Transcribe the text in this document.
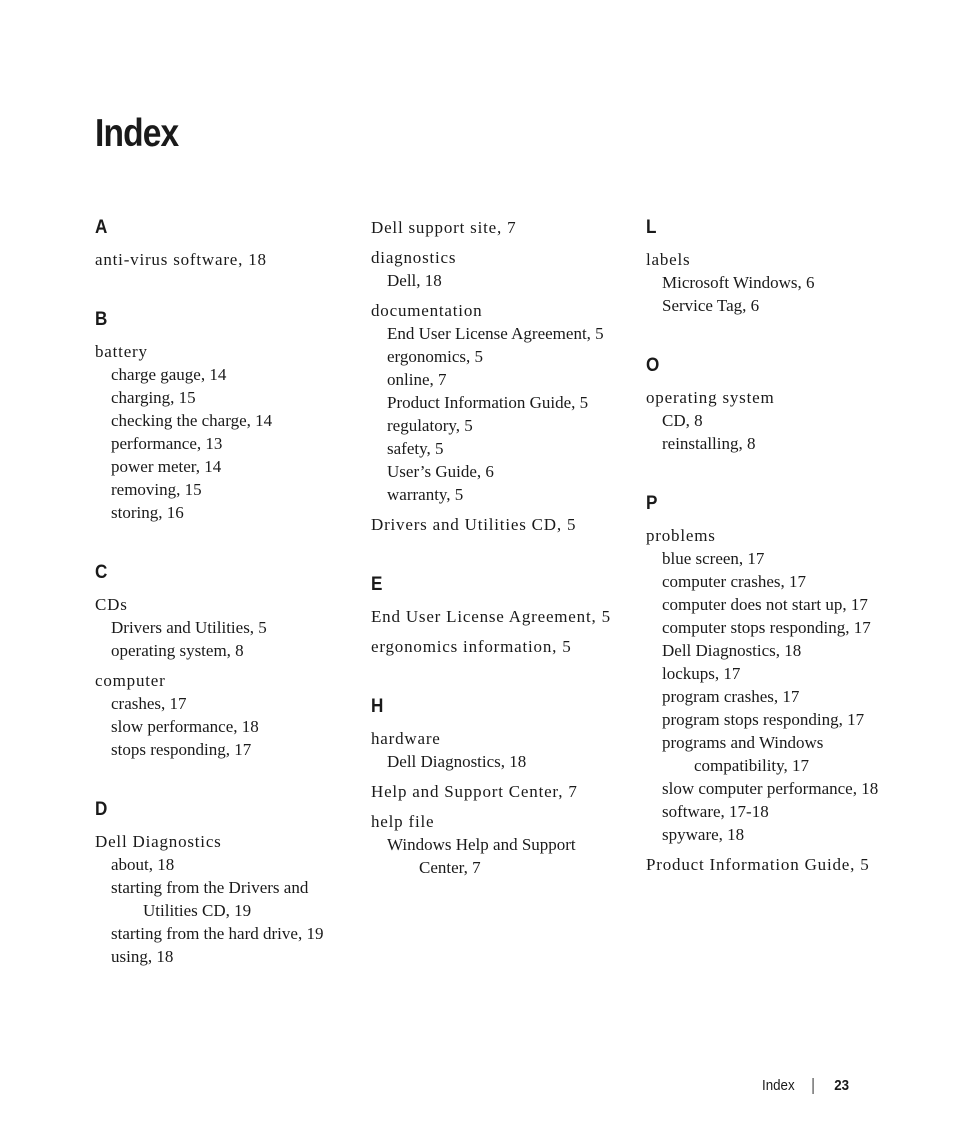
Index
A
anti-virus software, 18
B
battery
charge gauge, 14
charging, 15
checking the charge, 14
performance, 13
power meter, 14
removing, 15
storing, 16
C
CDs
Drivers and Utilities, 5
operating system, 8
computer
crashes, 17
slow performance, 18
stops responding, 17
D
Dell Diagnostics
about, 18
starting from the Drivers and Utilities CD, 19
starting from the hard drive, 19
using, 18
Dell support site, 7
diagnostics
Dell, 18
documentation
End User License Agreement, 5
ergonomics, 5
online, 7
Product Information Guide, 5
regulatory, 5
safety, 5
User’s Guide, 6
warranty, 5
Drivers and Utilities CD, 5
E
End User License Agreement, 5
ergonomics information, 5
H
hardware
Dell Diagnostics, 18
Help and Support Center, 7
help file
Windows Help and Support Center, 7
L
labels
Microsoft Windows, 6
Service Tag, 6
O
operating system
CD, 8
reinstalling, 8
P
problems
blue screen, 17
computer crashes, 17
computer does not start up, 17
computer stops responding, 17
Dell Diagnostics, 18
lockups, 17
program crashes, 17
program stops responding, 17
programs and Windows compatibility, 17
slow computer performance, 18
software, 17-18
spyware, 18
Product Information Guide, 5
Index	23
